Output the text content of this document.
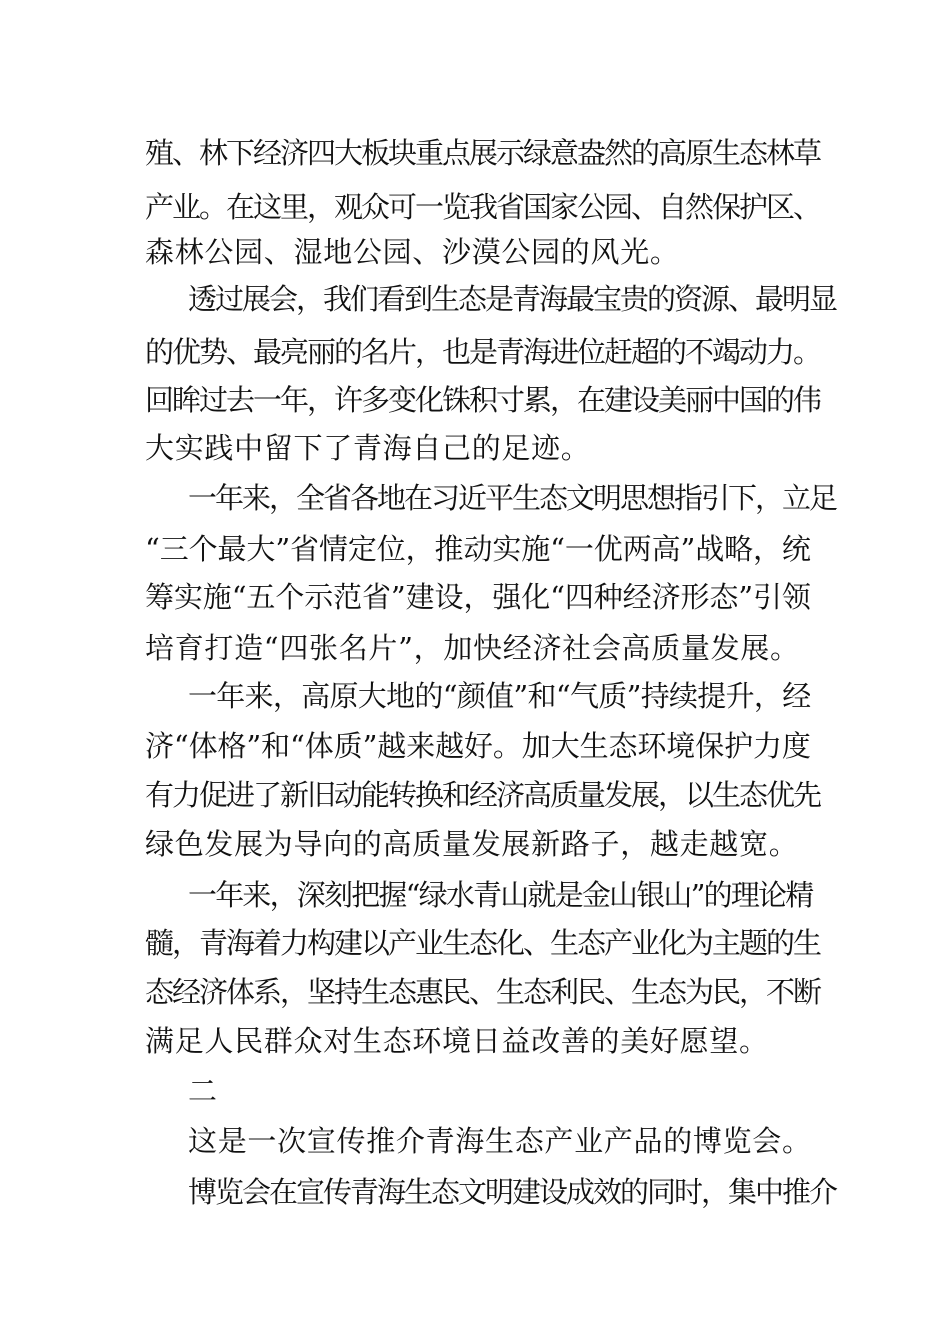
殖、林下经济四大板块重点展示绿意盎然的高原生态林草
产业。在这里，观众可一览我省国家公园、自然保护区、
森林公园、湿地公园、沙漠公园的风光。
透过展会，我们看到生态是青海最宝贵的资源、最明显
的优势、最亮丽的名片，也是青海进位赶超的不竭动力。
回眸过去一年，许多变化铢积寸累，在建设美丽中国的伟
大实践中留下了青海自己的足迹。
一年来，全省各地在习近平生态文明思想指引下，立足
“三个最大”省情定位，推动实施“一优两高”战略，统
筹实施“五个示范省”建设，强化“四种经济形态”引领
培育打造“四张名片”，加快经济社会高质量发展。
一年来，高原大地的“颜值”和“气质”持续提升，经
济“体格”和“体质”越来越好。加大生态环境保护力度
有力促进了新旧动能转换和经济高质量发展，以生态优先
绿色发展为导向的高质量发展新路子，越走越宽。
一年来，深刻把握“绿水青山就是金山银山”的理论精
髓，青海着力构建以产业生态化、生态产业化为主题的生
态经济体系，坚持生态惠民、生态利民、生态为民，不断
满足人民群众对生态环境日益改善的美好愿望。
二
这是一次宣传推介青海生态产业产品的博览会。
博览会在宣传青海生态文明建设成效的同时，集中推介
